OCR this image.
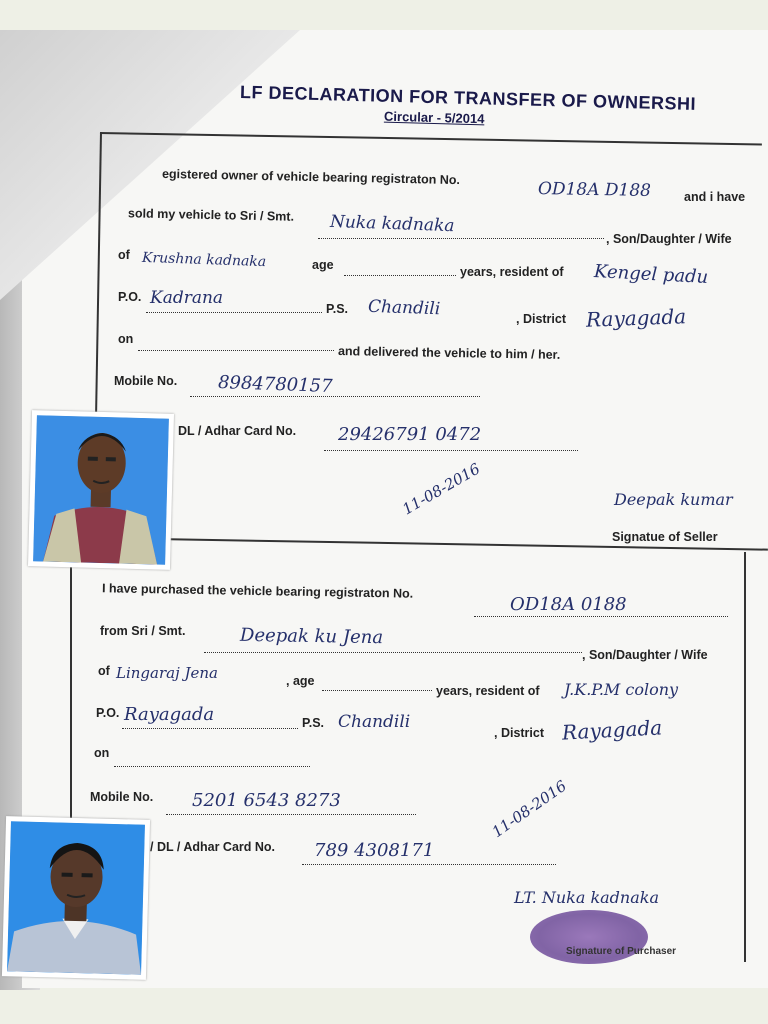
LF DECLARATION FOR TRANSFER OF OWNERSHI
Circular - 5/2014
egistered owner of vehicle bearing registraton No.
OD18A D188	and i have
sold my vehicle to Sri / Smt. Nuka kadnaka
, Son/Daughter / Wife
of Krushna kadnaka	age	years, resident of Kengel padu
P.O. Kadrana
P.S. Chandili	, District Rayagada
on
and delivered the vehicle to him / her.
Mobile No. 8984780157
DL / Adhar Card No. 29426791 0472
11-08-2016	Deepak kumar
Signatue of Seller
I have purchased the vehicle bearing registraton No.
OD18A 0188
from Sri / Smt.	Deepak ku Jena
, Son/Daughter / Wife
of Lingaraj Jena	, age
years, resident of J.K.P.M colony
P.O. Rayagada	P.S. Chandili
, District Rayagada
on
Mobile No. 5201 6543 8273
/ DL / Adhar Card No. 789 4308171
11-08-2016
LT. Nuka kadnaka
Signature of Purchaser
